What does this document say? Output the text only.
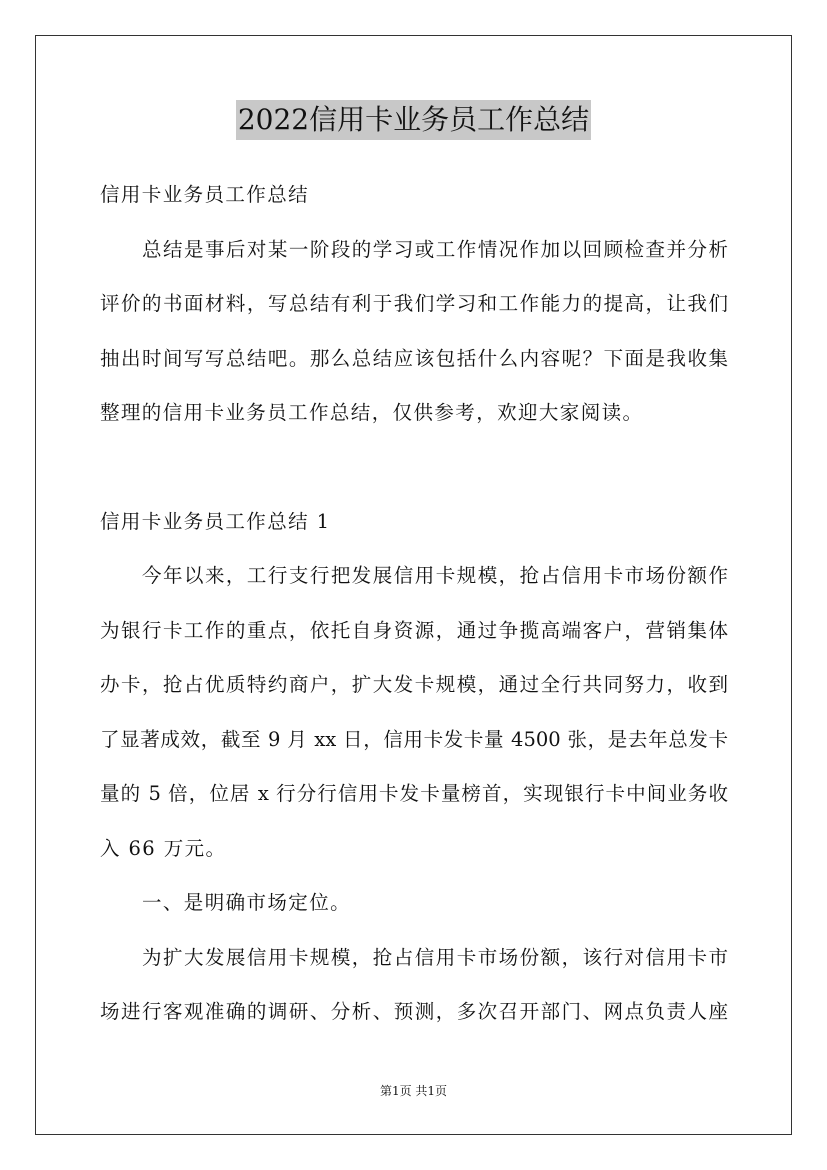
2022信用卡业务员工作总结
信用卡业务员工作总结
总结是事后对某一阶段的学习或工作情况作加以回顾检查并分析
评价的书面材料，写总结有利于我们学习和工作能力的提高，让我们
抽出时间写写总结吧。那么总结应该包括什么内容呢？下面是我收集
整理的信用卡业务员工作总结，仅供参考，欢迎大家阅读。
信用卡业务员工作总结 1
今年以来，工行支行把发展信用卡规模，抢占信用卡市场份额作
为银行卡工作的重点，依托自身资源，通过争揽高端客户，营销集体
办卡，抢占优质特约商户，扩大发卡规模，通过全行共同努力，收到
了显著成效，截至 9 月 xx 日，信用卡发卡量 4500 张，是去年总发卡
量的 5 倍，位居 x 行分行信用卡发卡量榜首，实现银行卡中间业务收
入 66 万元。
一、是明确市场定位。
为扩大发展信用卡规模，抢占信用卡市场份额，该行对信用卡市
场进行客观准确的调研、分析、预测，多次召开部门、网点负责人座
第1页 共1页
